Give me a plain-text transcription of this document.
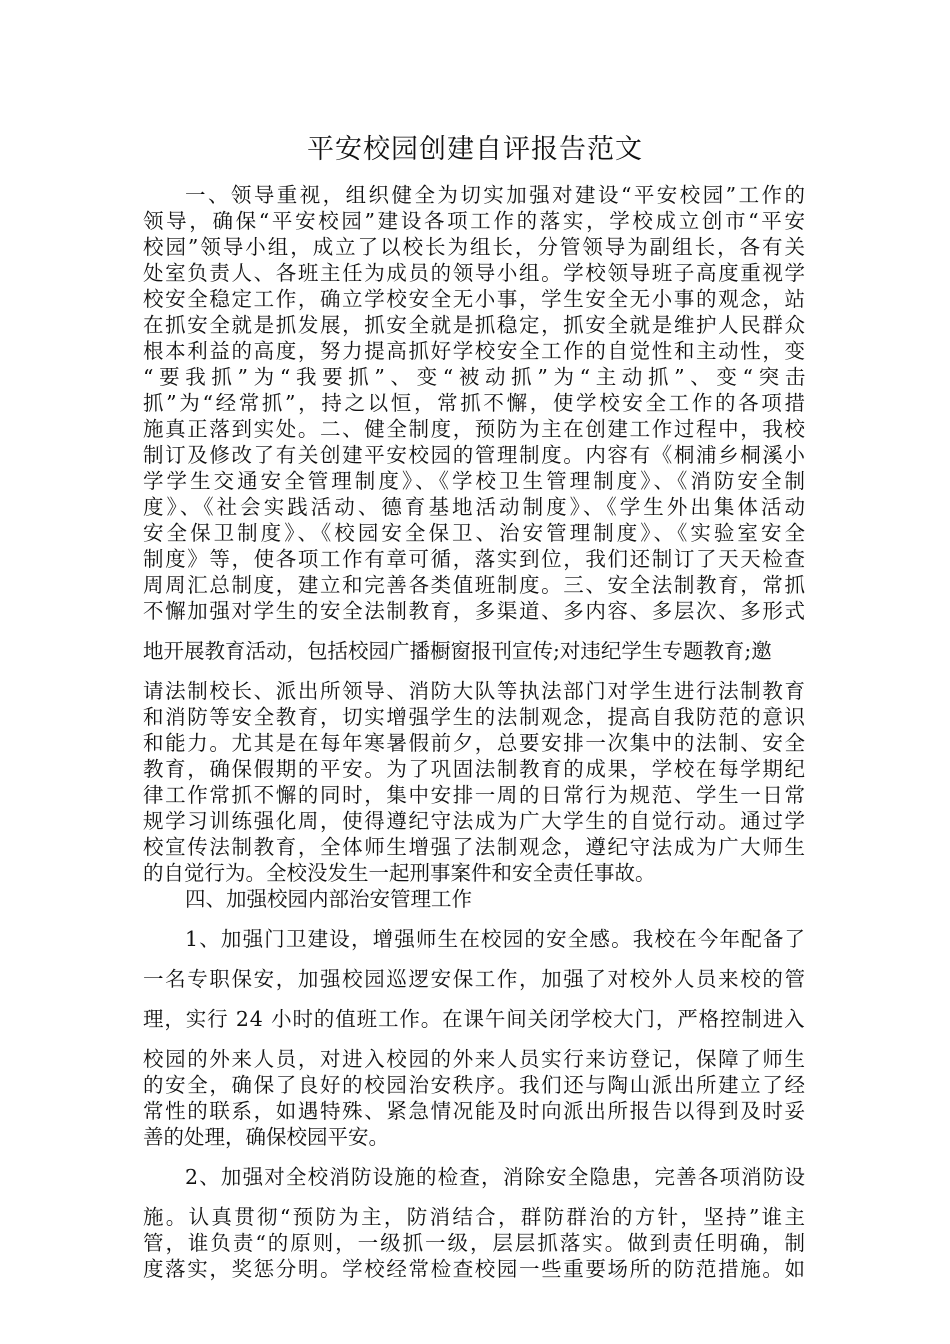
平安校园创建自评报告范文
一、领导重视，组织健全为切实加强对建设“平安校园”工作的
领导，确保“平安校园”建设各项工作的落实，学校成立创市“平安
校园”领导小组，成立了以校长为组长，分管领导为副组长，各有关
处室负责人、各班主任为成员的领导小组。学校领导班子高度重视学
校安全稳定工作，确立学校安全无小事，学生安全无小事的观念，站
在抓安全就是抓发展，抓安全就是抓稳定，抓安全就是维护人民群众
根本利益的高度，努力提高抓好学校安全工作的自觉性和主动性，变
“要我抓”为“我要抓”、变“被动抓”为“主动抓”、变“突击
抓”为“经常抓”，持之以恒，常抓不懈，使学校安全工作的各项措
施真正落到实处。二、健全制度，预防为主在创建工作过程中，我校
制订及修改了有关创建平安校园的管理制度。内容有《桐浦乡桐溪小
学学生交通安全管理制度》、《学校卫生管理制度》、《消防安全制
度》、《社会实践活动、德育基地活动制度》、《学生外出集体活动
安全保卫制度》、《校园安全保卫、治安管理制度》、《实验室安全
制度》等，使各项工作有章可循，落实到位，我们还制订了天天检查
周周汇总制度，建立和完善各类值班制度。三、安全法制教育，常抓
不懈加强对学生的安全法制教育，多渠道、多内容、多层次、多形式
地开展教育活动，包括校园广播橱窗报刊宣传;对违纪学生专题教育;邀
请法制校长、派出所领导、消防大队等执法部门对学生进行法制教育
和消防等安全教育，切实增强学生的法制观念，提高自我防范的意识
和能力。尤其是在每年寒暑假前夕，总要安排一次集中的法制、安全
教育，确保假期的平安。为了巩固法制教育的成果，学校在每学期纪
律工作常抓不懈的同时，集中安排一周的日常行为规范、学生一日常
规学习训练强化周，使得遵纪守法成为广大学生的自觉行动。通过学
校宣传法制教育，全体师生增强了法制观念，遵纪守法成为广大师生
的自觉行为。全校没发生一起刑事案件和安全责任事故。
四、加强校园内部治安管理工作
1、加强门卫建设，增强师生在校园的安全感。我校在今年配备了
一名专职保安，加强校园巡逻安保工作，加强了对校外人员来校的管
理，实行 24 小时的值班工作。在课午间关闭学校大门，严格控制进入
校园的外来人员，对进入校园的外来人员实行来访登记，保障了师生
的安全，确保了良好的校园治安秩序。我们还与陶山派出所建立了经
常性的联系，如遇特殊、紧急情况能及时向派出所报告以得到及时妥
善的处理，确保校园平安。
2、加强对全校消防设施的检查，消除安全隐患，完善各项消防设
施。认真贯彻“预防为主，防消结合，群防群治的方针，坚持”谁主
管，谁负责“的原则，一级抓一级，层层抓落实。做到责任明确，制
度落实，奖惩分明。学校经常检查校园一些重要场所的防范措施。如
